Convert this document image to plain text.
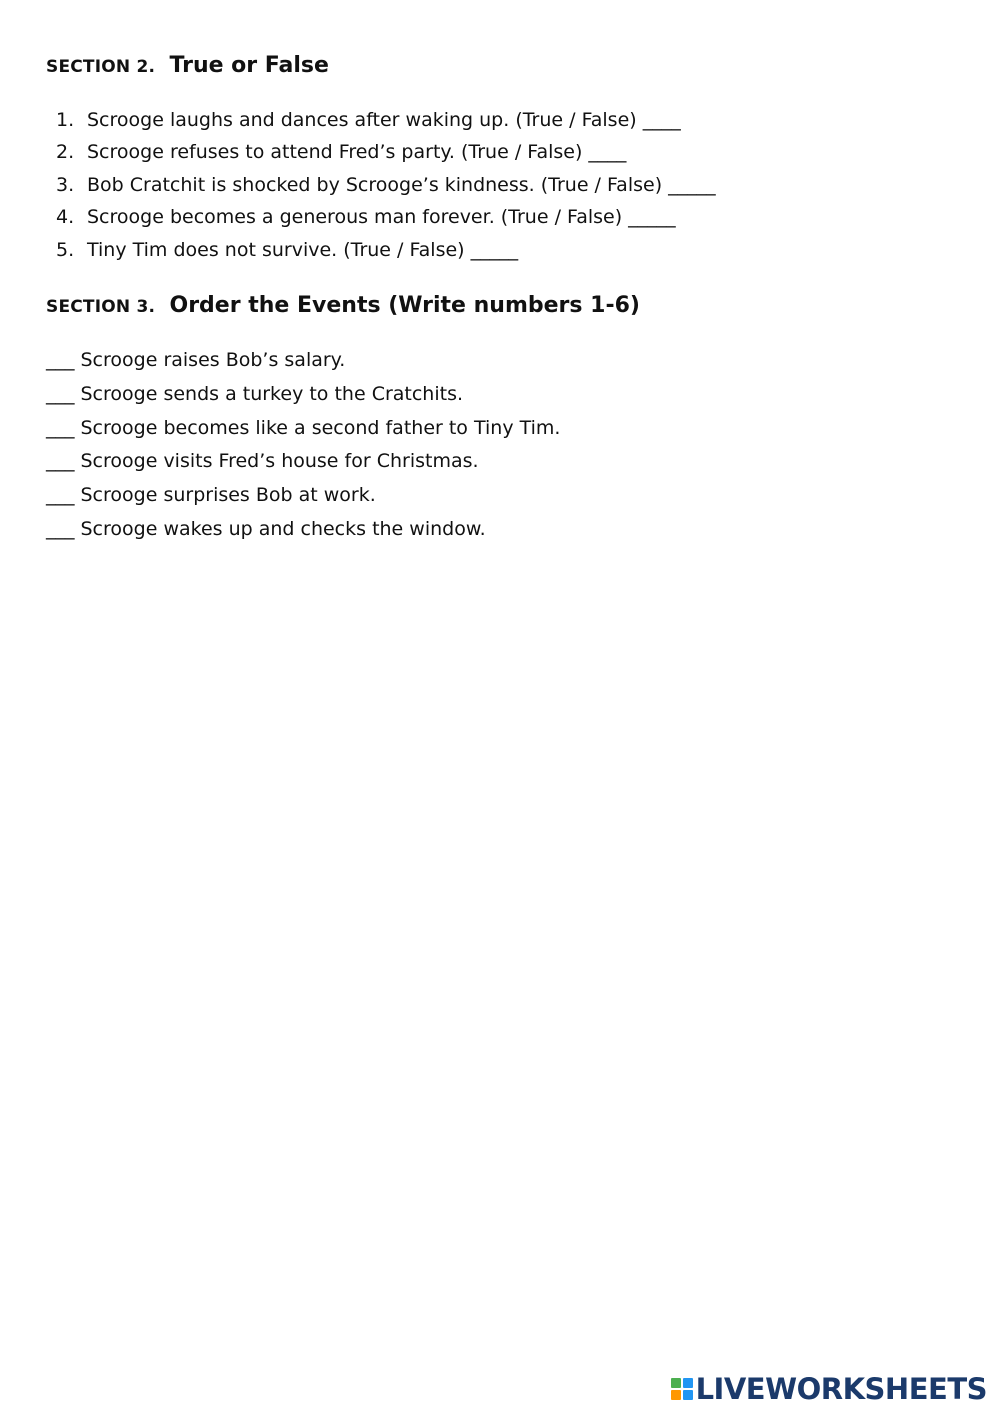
SECTION 2. True or False
1. Scrooge laughs and dances after waking up. (True / False) ____
2. Scrooge refuses to attend Fred’s party. (True / False) ____
3. Bob Cratchit is shocked by Scrooge’s kindness. (True / False) _____
4. Scrooge becomes a generous man forever. (True / False) _____
5. Tiny Tim does not survive. (True / False) _____
SECTION 3. Order the Events (Write numbers 1-6)
___ Scrooge raises Bob’s salary.
___ Scrooge sends a turkey to the Cratchits.
___ Scrooge becomes like a second father to Tiny Tim.
___ Scrooge visits Fred’s house for Christmas.
___ Scrooge surprises Bob at work.
___ Scrooge wakes up and checks the window.
LIVEWORKSHEETS
